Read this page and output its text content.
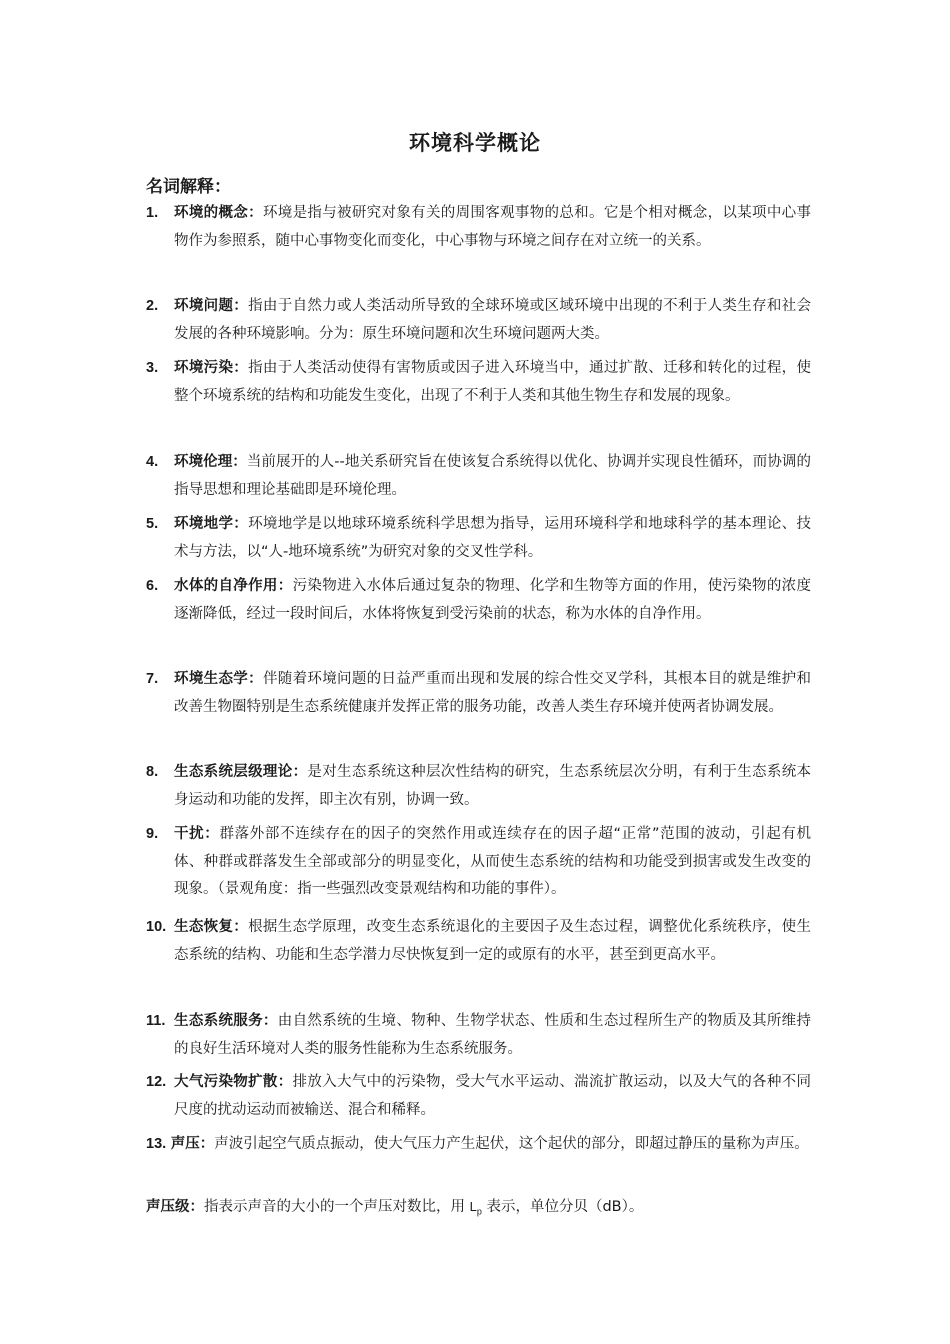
环境科学概论
名词解释：
1. 环境的概念：环境是指与被研究对象有关的周围客观事物的总和。它是个相对概念，以某项中心事物作为参照系，随中心事物变化而变化，中心事物与环境之间存在对立统一的关系。
2. 环境问题：指由于自然力或人类活动所导致的全球环境或区域环境中出现的不利于人类生存和社会发展的各种环境影响。分为：原生环境问题和次生环境问题两大类。
3. 环境污染：指由于人类活动使得有害物质或因子进入环境当中，通过扩散、迁移和转化的过程，使整个环境系统的结构和功能发生变化，出现了不利于人类和其他生物生存和发展的现象。
4. 环境伦理：当前展开的人--地关系研究旨在使该复合系统得以优化、协调并实现良性循环，而协调的指导思想和理论基础即是环境伦理。
5. 环境地学：环境地学是以地球环境系统科学思想为指导，运用环境科学和地球科学的基本理论、技术与方法，以“人-地环境系统”为研究对象的交叉性学科。
6. 水体的自净作用：污染物进入水体后通过复杂的物理、化学和生物等方面的作用，使污染物的浓度逐渐降低，经过一段时间后，水体将恢复到受污染前的状态，称为水体的自净作用。
7. 环境生态学：伴随着环境问题的日益严重而出现和发展的综合性交叉学科，其根本目的就是维护和改善生物圈特别是生态系统健康并发挥正常的服务功能，改善人类生存环境并使两者协调发展。
8. 生态系统层级理论：是对生态系统这种层次性结构的研究，生态系统层次分明，有利于生态系统本身运动和功能的发挥，即主次有别，协调一致。
9. 干扰：群落外部不连续存在的因子的突然作用或连续存在的因子超“正常”范围的波动，引起有机体、种群或群落发生全部或部分的明显变化，从而使生态系统的结构和功能受到损害或发生改变的现象。（景观角度：指一些强烈改变景观结构和功能的事件）。
10. 生态恢复：根据生态学原理，改变生态系统退化的主要因子及生态过程，调整优化系统秩序，使生态系统的结构、功能和生态学潜力尽快恢复到一定的或原有的水平，甚至到更高水平。
11. 生态系统服务：由自然系统的生境、物种、生物学状态、性质和生态过程所生产的物质及其所维持的良好生活环境对人类的服务性能称为生态系统服务。
12. 大气污染物扩散：排放入大气中的污染物，受大气水平运动、湍流扩散运动，以及大气的各种不同尺度的扰动运动而被输送、混合和稀释。
13. 声压：声波引起空气质点振动，使大气压力产生起伏，这个起伏的部分，即超过静压的量称为声压。
声压级：指表示声音的大小的一个声压对数比，用 $L_p$ 表示，单位分贝（dB）。
